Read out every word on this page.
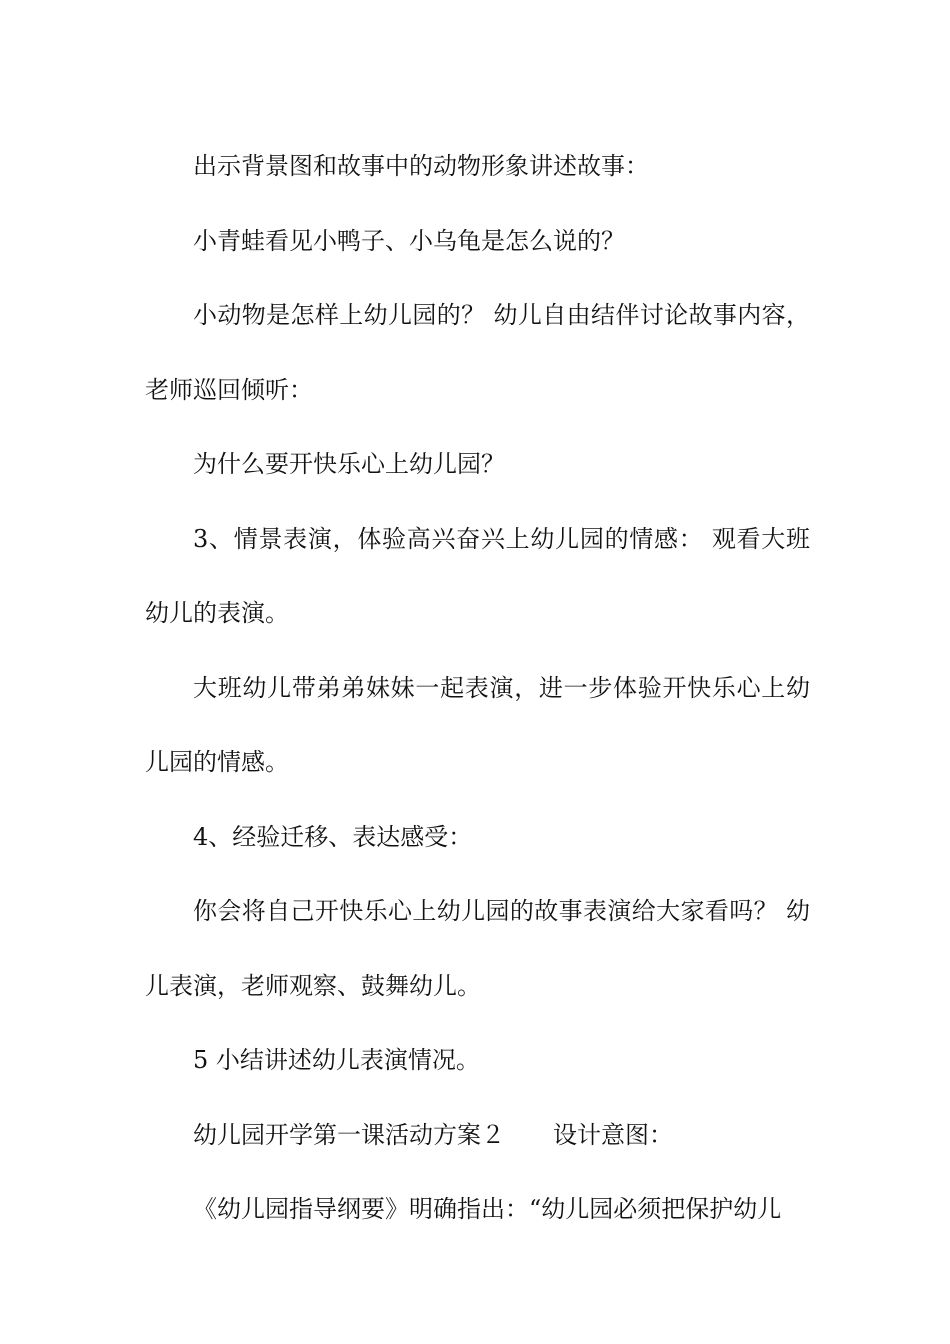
出示背景图和故事中的动物形象讲述故事：

小青蛙看见小鸭子、小乌龟是怎么说的？

小动物是怎样上幼儿园的？ 幼儿自由结伴讨论故事内容，老师巡回倾听：

为什么要开快乐心上幼儿园？

3、情景表演，体验高兴奋兴上幼儿园的情感： 观看大班幼儿的表演。

大班幼儿带弟弟妹妹一起表演，进一步体验开快乐心上幼儿园的情感。

4、经验迁移、表达感受：

你会将自己开快乐心上幼儿园的故事表演给大家看吗？ 幼儿表演，老师观察、鼓舞幼儿。

5 小结讲述幼儿表演情况。

幼儿园开学第一课活动方案２　　设计意图：

《幼儿园指导纲要》明确指出：“幼儿园必须把保护幼儿
